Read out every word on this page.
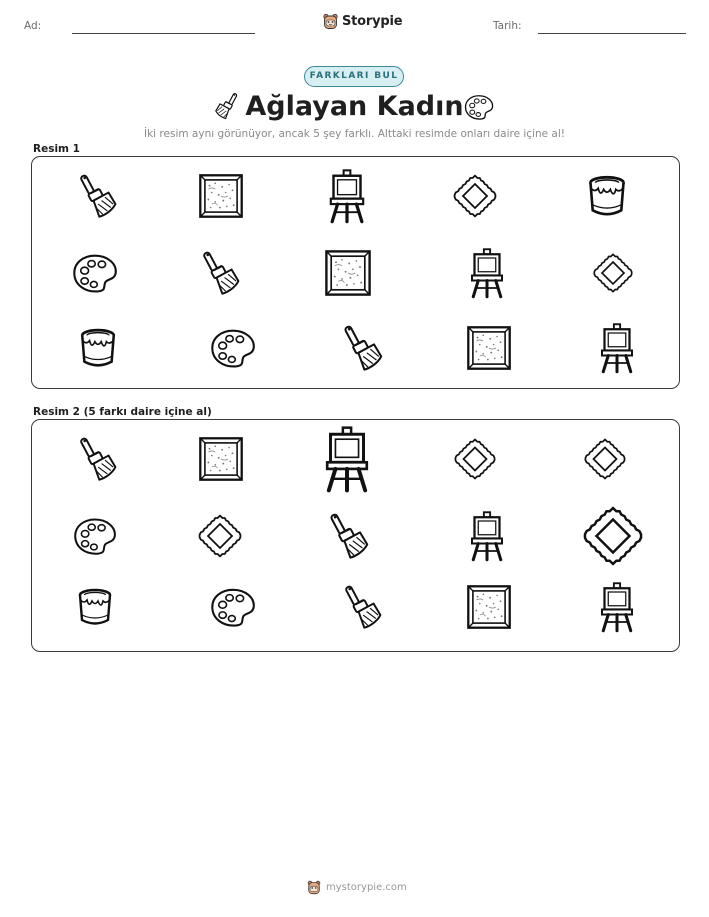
Ad:	Storypie	Tarih:
FARKLARI BUL
Ağlayan Kadın
İki resim aynı görünüyor, ancak 5 şey farklı. Alttaki resimde onları daire içine al!
Resim 1
Resim 2 (5 farkı daire içine al)
mystorypie.com
